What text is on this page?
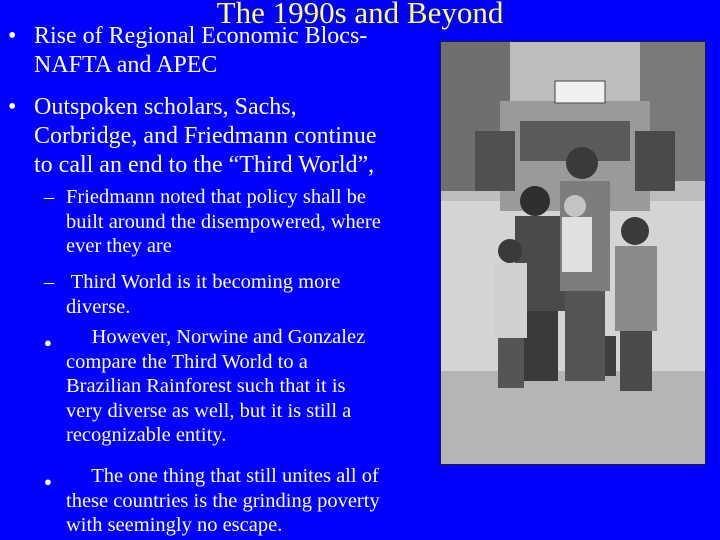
The 1990s and Beyond
• Rise of Regional Economic Blocs-
NAFTA and APEC
• Outspoken scholars, Sachs,
Corbridge, and Friedmann continue
to call an end to the “Third World”,
– Friedmann noted that policy shall be
built around the disempowered, where
ever they are
– Third World is it becoming more
diverse.
● However, Norwine and Gonzalez
compare the Third World to a
Brazilian Rainforest such that it is
very diverse as well, but it is still a
recognizable entity.
● The one thing that still unites all of
these countries is the grinding poverty
with seemingly no escape.
